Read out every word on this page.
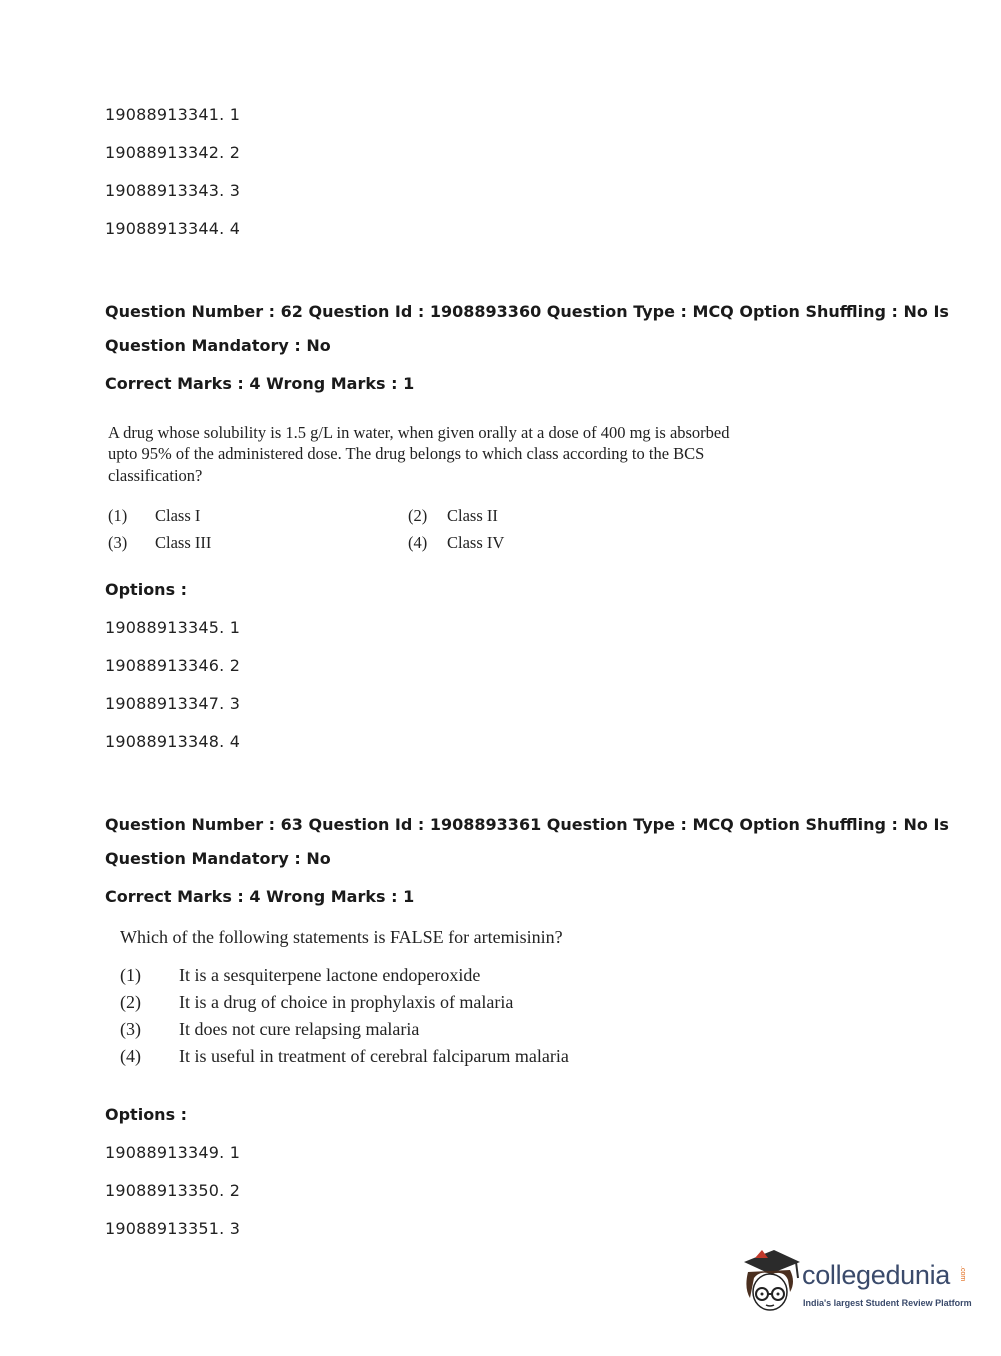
19088913341. 1
19088913342. 2
19088913343. 3
19088913344. 4
Question Number : 62 Question Id : 1908893360 Question Type : MCQ Option Shuffling : No Is
Question Mandatory : No
Correct Marks : 4 Wrong Marks : 1
A drug whose solubility is 1.5 g/L in water, when given orally at a dose of 400 mg is absorbed
upto 95% of the administered dose. The drug belongs to which class according to the BCS
classification?
(1) Class I	(2) Class II
(3) Class III	(4) Class IV
Options :
19088913345. 1
19088913346. 2
19088913347. 3
19088913348. 4
Question Number : 63 Question Id : 1908893361 Question Type : MCQ Option Shuffling : No Is
Question Mandatory : No
Correct Marks : 4 Wrong Marks : 1
Which of the following statements is FALSE for artemisinin?
(1) It is a sesquiterpene lactone endoperoxide
(2) It is a drug of choice in prophylaxis of malaria
(3) It does not cure relapsing malaria
(4) It is useful in treatment of cerebral falciparum malaria
Options :
19088913349. 1
19088913350. 2
19088913351. 3
collegedunia .com
India's largest Student Review Platform
